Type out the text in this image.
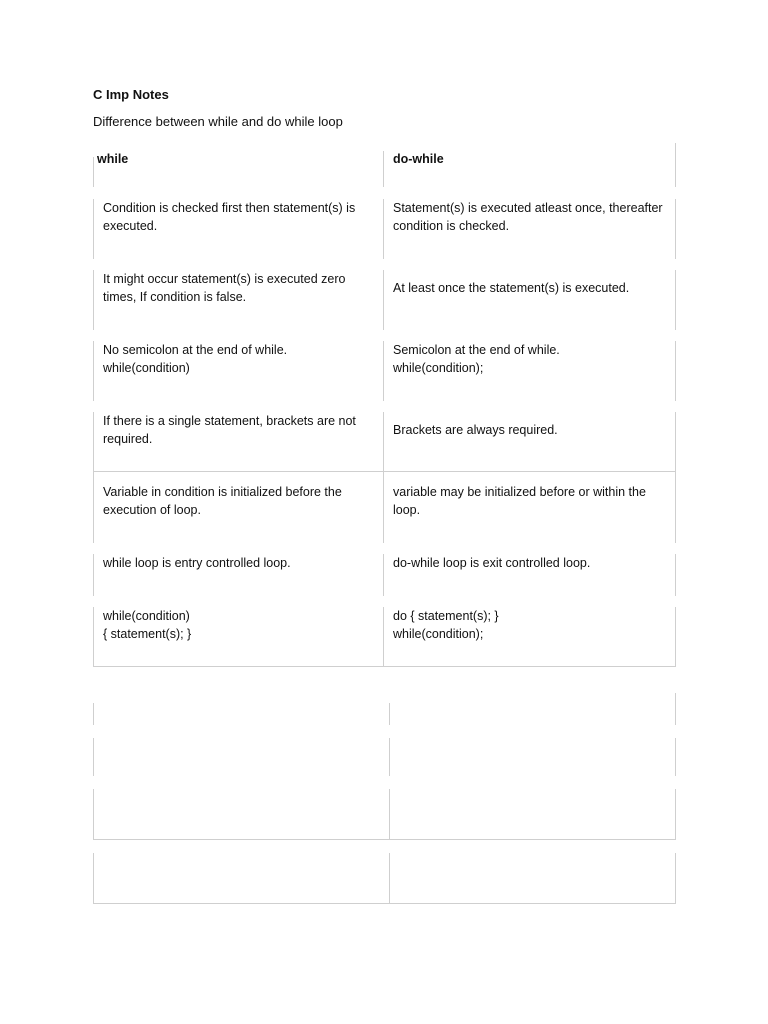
C Imp Notes
Difference between while and do while loop
while	do-while
Condition is checked first then statement(s) is executed.
Statement(s) is executed atleast once, thereafter condition is checked.
It might occur statement(s) is executed zero times, If condition is false.
At least once the statement(s) is executed.
No semicolon at the end of while.
while(condition)
Semicolon at the end of while.
while(condition);
If there is a single statement, brackets are not required.
Brackets are always required.
Variable in condition is initialized before the execution of loop.
variable may be initialized before or within the loop.
while loop is entry controlled loop.	do-while loop is exit controlled loop.
while(condition)
{ statement(s); }
do { statement(s); }
while(condition);
